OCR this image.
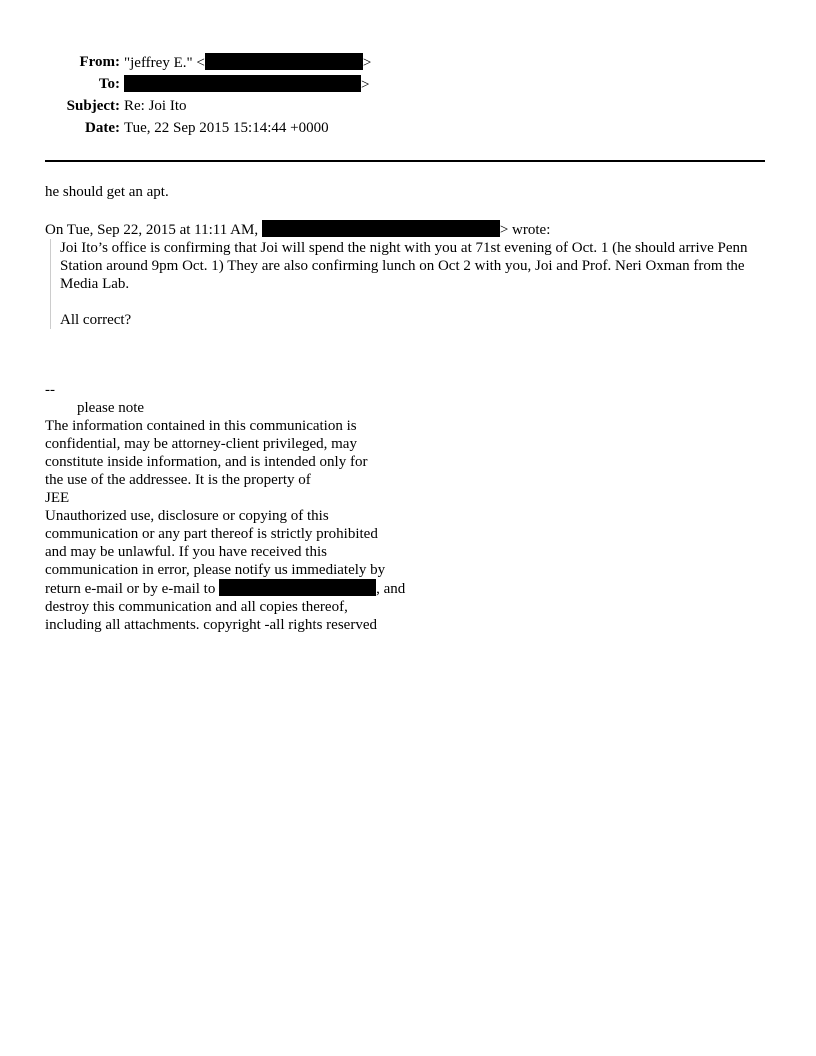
From: "jeffrey E." <	>
To:	>
Subject: Re: Joi Ito
Date: Tue, 22 Sep 2015 15:14:44 +0000

he should get an apt.

On Tue, Sep 22, 2015 at 11:11 AM,	> wrote:

Joi Ito’s office is confirming that Joi will spend the night with you at 71st evening of Oct. 1 (he should arrive Penn Station around 9pm Oct. 1) They are also confirming lunch on Oct 2 with you, Joi and Prof. Neri Oxman from the Media Lab.

All correct?

--
please note
The information contained in this communication is
confidential, may be attorney-client privileged, may
constitute inside information, and is intended only for
the use of the addressee. It is the property of
JEE
Unauthorized use, disclosure or copying of this
communication or any part thereof is strictly prohibited
and may be unlawful. If you have received this
communication in error, please notify us immediately by
return e-mail or by e-mail to	, and
destroy this communication and all copies thereof,
including all attachments. copyright -all rights reserved
